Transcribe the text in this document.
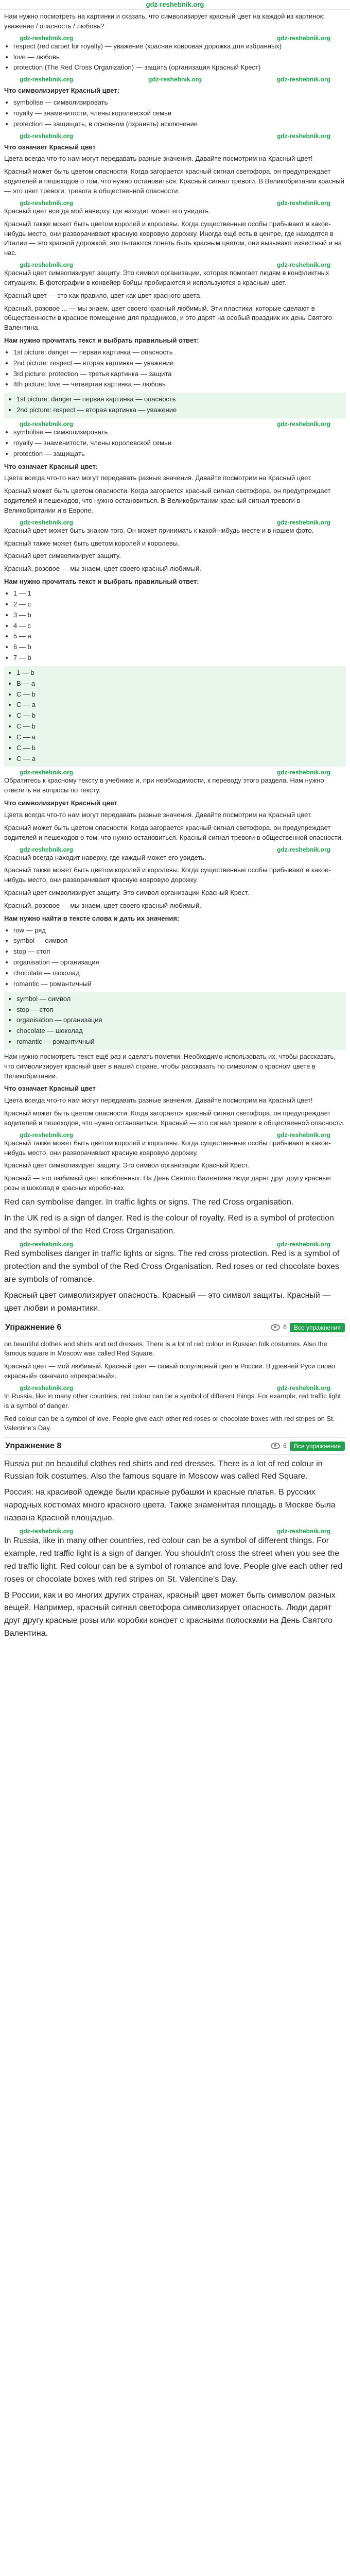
gdz-reshebnik.org

Нам нужно посмотреть на картинки и сказать, что символизирует красный цвет на каждой из картинок: уважение / опасность / любовь?

gdz-reshebnik.org	gdz-reshebnik.org
• respect (red carpet for royalty) — уважение (красная ковровая дорожка для избранных)
• love — любовь
• protection (The Red Cross Organization) — защита (организация Красный Крест)
gdz-reshebnik.org	gdz-reshebnik.org	gdz-reshebnik.org
Что символизирует Красный цвет:
• symbolise — символизировать
• royalty — знаменитости, члены королевской семьи
• protection — защищать, в основном (охранять) исключение
gdz-reshebnik.org	gdz-reshebnik.org
Что означает Красный цвет

Цвета всегда что-то нам могут передавать разные значения. Давайте посмотрим на Красный цвет!

Красный может быть цветом опасности. Когда загорается красный сигнал светофора, он предупреждает водителей и пешеходов о том, что нужно остановиться. Красный сигнал тревоги. В Великобритании красный — это цвет тревоги, тревога в общественной опасности.

gdz-reshebnik.org	gdz-reshebnik.org

Красный цвет всегда мой наверху, где находит может его увидеть.

Красный также может быть цветом королей и королевы. Когда существенные особы прибывают в какое-нибудь место, они разворачивают красную ковровую дорожку. Иногда ещё есть в центре, где находятся в Италии — это красной дорожкой; это пытаются понять быть красным цветом, они вызывают известный и на нас.

gdz-reshebnik.org	gdz-reshebnik.org

Красный цвет символизирует защиту. Это символ организации, которая помогает людям в конфликтных ситуациях. В фотографии в конвейер бойцы пробираются и используются в красным цвет.

Красный цвет — это как правило, цвет как цвет красного цвета.

Красный, розовое ... — мы знаем, цвет своего красный любимый. Эти пластики, которые сделают в общественности в красное помещение для праздников, и это дарят на особый праздник их день Святого Валентина.

Нам нужно прочитать текст и выбрать правильный ответ:
• 1st picture: danger — первая картинка — опасность
• 2nd picture: respect — вторая картинка — уважение
• 3rd picture: protection — третья картинка — защита
• 4th picture: love — четвёртая картинка — любовь
• 1st picture: danger — первая картинка — опасность
• 2nd picture: respect — вторая картинка — уважение
gdz-reshebnik.org	gdz-reshebnik.org
• symbolise — символизировать
• royalty — знаменитости, члены королевской семьи
• protection — защищать
Что означает Красный цвет:

Цвета всегда что-то нам могут передавать разные значения. Давайте посмотрим на Красный цвет.

Красный может быть цветом опасности. Когда загорается красный сигнал светофора, он предупреждает водителей и пешеходов, что нужно остановиться. В Великобритании красный сигнал тревоги в Великобритании и в Европе.

gdz-reshebnik.org	gdz-reshebnik.org

Красный цвет может быть знаком того. Он может принимать к какой-нибудь месте и в нашем фото.

Красный также может быть цветом королей и королевы.

Красный цвет символизирует защиту.

Красный, розовое — мы знаем, цвет своего красный любимый.

Нам нужно прочитать текст и выбрать правильный ответ:
• 1 — 1
• 2 — c
• 3 — b
• 4 — c
• 5 — a
• 6 — b
• 7 — b
• 1 — b
• B — a
• C — b
• C — a
• C — b
• C — b
• C — a
• C — b
• C — a
gdz-reshebnik.org	gdz-reshebnik.org

Обратитесь к красному тексту в учебнике и, при необходимости, к переводу этого раздела. Нам нужно ответить на вопросы по тексту.

Что символизирует Красный цвет

Цвета всегда что-то нам могут передавать разные значения. Давайте посмотрим на Красный цвет.

Красный может быть цветом опасности. Когда загорается красный сигнал светофора, он предупреждает водителей и пешеходов о том, что нужно остановиться. Красный сигнал тревоги в общественной опасности.

gdz-reshebnik.org	gdz-reshebnik.org

Красный всегда находит наверху, где каждый может его увидеть.

Красный также может быть цветом королей и королевы. Когда существенные особы прибывают в какое-нибудь место, они разворачивают красную ковровую дорожку.

Красный цвет символизирует защиту. Это символ организации Красный Крест.

Красный, розовое — мы знаем, цвет своего красный любимый.

Нам нужно найти в тексте слова и дать их значения:
• row — ряд
• symbol — символ
• stop — стоп
• organisation — организация
• chocolate — шоколад
• romantic — романтичный
• symbol — символ
• stop — стоп
• organisation — организация
• chocolate — шоколад
• romantic — романтичный

Нам нужно посмотреть текст ещё раз и сделать пометки. Необходимо использовать их, чтобы рассказать, что символизирует красный цвет в нашей стране, чтобы рассказать по символам о красном цвете в Великобритании.

Что означает Красный цвет

Цвета всегда что-то нам могут передавать разные значения. Давайте посмотрим на Красный цвет!

Красный может быть цветом опасности. Когда загорается красный сигнал светофора, он предупреждает водителей и пешеходов, что нужно остановиться. Красный — это сигнал тревоги в общественной опасности.

gdz-reshebnik.org	gdz-reshebnik.org

Красный также может быть цветом королей и королевы. Когда существенные особы прибывают в какое-нибудь место, они разворачивают красную ковровую дорожку.

Красный цвет символизирует защиту. Это символ организации Красный Крест.

Красный — это любимый цвет влюблённых. На День Святого Валентина люди дарят друг другу красные розы и шоколад в красных коробочках.

Red can symbolise danger. In traffic lights or signs. The red Cross organisation.

In the UK red is a sign of danger. Red is the colour of royalty. Red is a symbol of protection and the symbol of the Red Cross Organisation.

gdz-reshebnik.org	gdz-reshebnik.org

Red symbolises danger in traffic lights or signs. The red cross protection. Red is a symbol of protection and the symbol of the Red Cross Organisation. Red roses or red chocolate boxes are symbols of romance.

Красный цвет символизирует опасность. Красный — это символ защиты. Красный — цвет любви и романтики.

Упражнение 6	6	Все упражнения

on beautiful clothes and shirts and red dresses. There is a lot of red colour in Russian folk costumes. Also the famous square in Moscow was called Red Square.

Красный цвет — мой любимый. Красный цвет — самый популярный цвет в России. В древней Руси слово «красный» означало «прекрасный».

gdz-reshebnik.org	gdz-reshebnik.org

In Russia, like in many other countries, red colour can be a symbol of different things. For example, red traffic light is a symbol of danger.

Red colour can be a symbol of love. People give each other red roses or chocolate boxes with red stripes on St. Valentine's Day.

Упражнение 8	6	Все упражнения

Russia put on beautiful clothes red shirts and red dresses. There is a lot of red colour in Russian folk costumes. Also the famous square in Moscow was called Red Square.

Россия: на красивой одежде были красные рубашки и красные платья. В русских народных костюмах много красного цвета. Также знаменитая площадь в Москве была названа Красной площадью.

gdz-reshebnik.org	gdz-reshebnik.org

In Russia, like in many other countries, red colour can be a symbol of different things. For example, red traffic light is a sign of danger. You shouldn't cross the street when you see the red traffic light. Red colour can be a symbol of romance and love. People give each other red roses or chocolate boxes with red stripes on St. Valentine's Day.

В России, как и во многих других странах, красный цвет может быть символом разных вещей. Например, красный сигнал светофора символизирует опасность. Люди дарят друг другу красные розы или коробки конфет с красными полосками на День Святого Валентина.
